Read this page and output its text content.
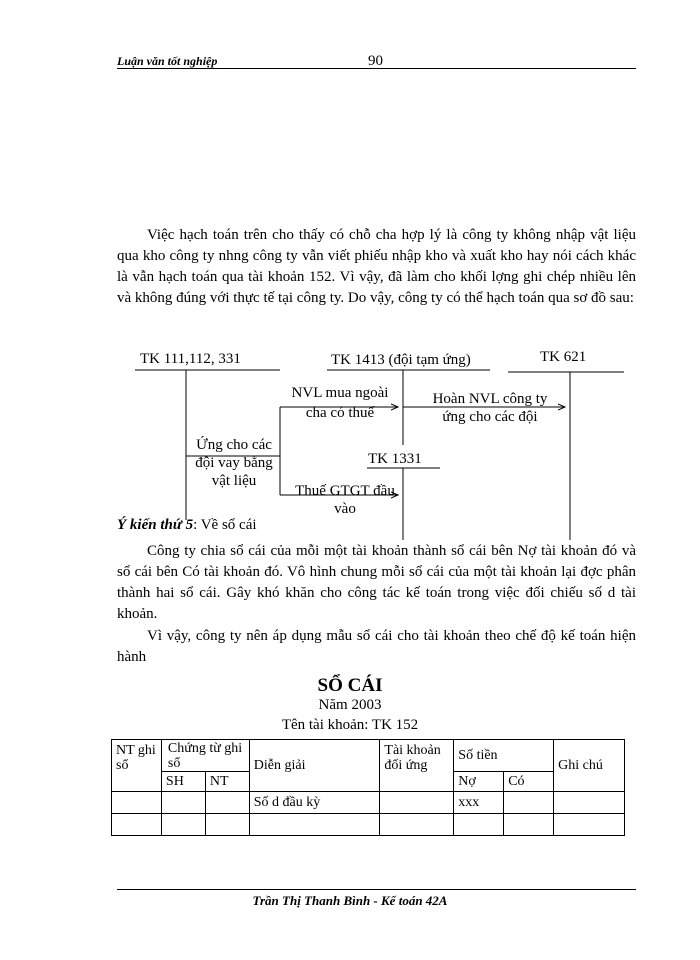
Luận văn tốt nghiệp	90

Việc hạch toán trên cho thấy có chỗ cha hợp lý là công ty không nhập vật liệu qua kho công ty nhng công ty vẫn viết phiếu nhập kho và xuất kho hay nói cách khác là vẫn hạch toán qua tài khoản 152. Vì vậy, đã làm cho khối lợng ghi chép nhiều lên và không đúng với thực tế tại công ty. Do vậy, công ty có thể hạch toán qua sơ đồ sau:

TK 111,112, 331	TK 1413 (đội tạm ứng)	TK 621
TK 1331
NVL mua ngoài
cha có thuế
Ứng cho các
đội vay bằng
vật liệu
Hoàn NVL công ty
ứng cho các đội
Thuế GTGT đầu
vào
Ý kiến thứ 5: Về sổ cái

Công ty chia sổ cái của mỗi một tài khoản thành sổ cái bên Nợ tài khoản đó và sổ cái bên Có tài khoản đó. Vô hình chung mỗi sổ cái của một tài khoản lại đợc phân thành hai sổ cái. Gây khó khăn cho công tác kế toán trong việc đối chiếu số d tài khoản.

Vì vậy, công ty nên áp dụng mẫu sổ cái cho tài khoản theo chế độ kế toán hiện hành

SỔ CÁI
Năm 2003
Tên tài khoản: TK 152
NT ghi sổ	Chứng từ ghi sổ		Diễn giải	Tài khoản đối ứng	Số tiền		Ghi chú
	SH	NT			Nợ	Có	
			Số d đầu kỳ		xxx		

Trần Thị Thanh Bình - Kế toán 42A
